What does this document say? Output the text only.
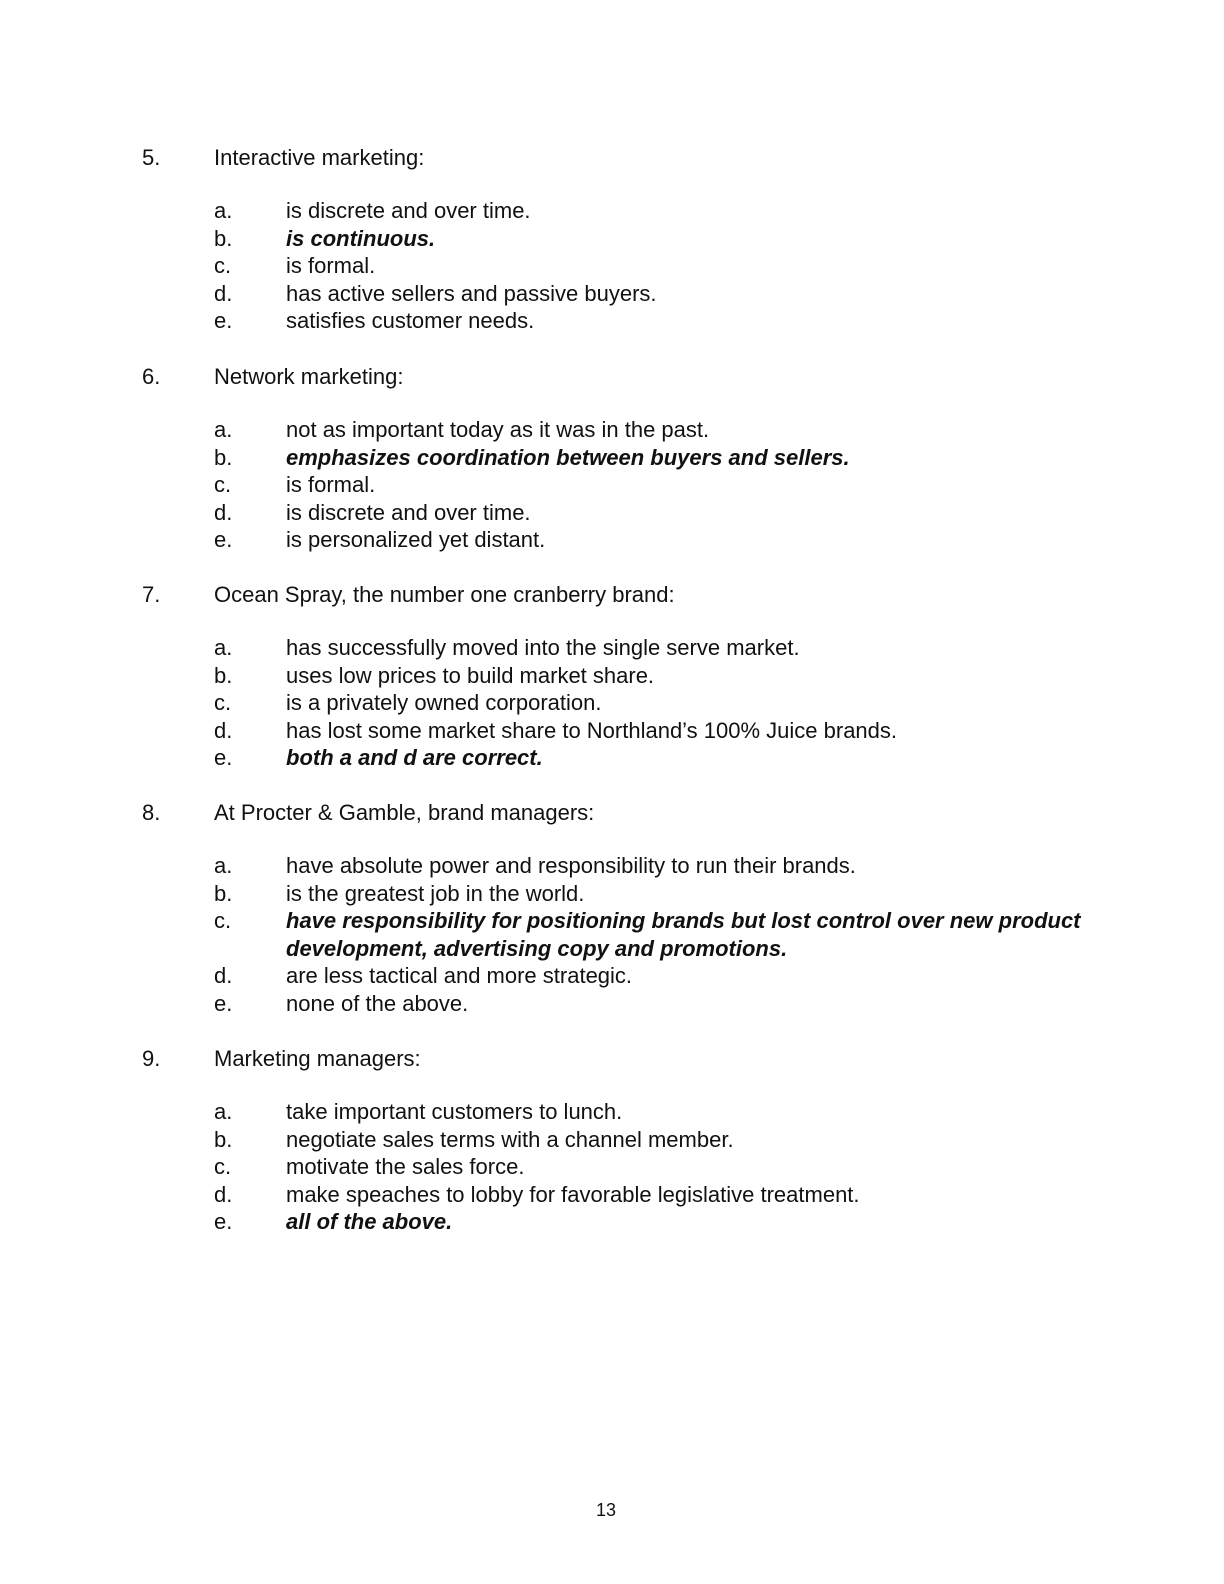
5. Interactive marketing:
a. is discrete and over time.
b. is continuous.
c. is formal.
d. has active sellers and passive buyers.
e. satisfies customer needs.
6. Network marketing:
a. not as important today as it was in the past.
b. emphasizes coordination between buyers and sellers.
c. is formal.
d. is discrete and over time.
e. is personalized yet distant.
7. Ocean Spray, the number one cranberry brand:
a. has successfully moved into the single serve market.
b. uses low prices to build market share.
c. is a privately owned corporation.
d. has lost some market share to Northland’s 100% Juice brands.
e. both a and d are correct.
8. At Procter & Gamble, brand managers:
a. have absolute power and responsibility to run their brands.
b. is the greatest job in the world.
c. have responsibility for positioning brands but lost control over new product development, advertising copy and promotions.
d. are less tactical and more strategic.
e. none of the above.
9. Marketing managers:
a. take important customers to lunch.
b. negotiate sales terms with a channel member.
c. motivate the sales force.
d. make speaches to lobby for favorable legislative treatment.
e. all of the above.
13
